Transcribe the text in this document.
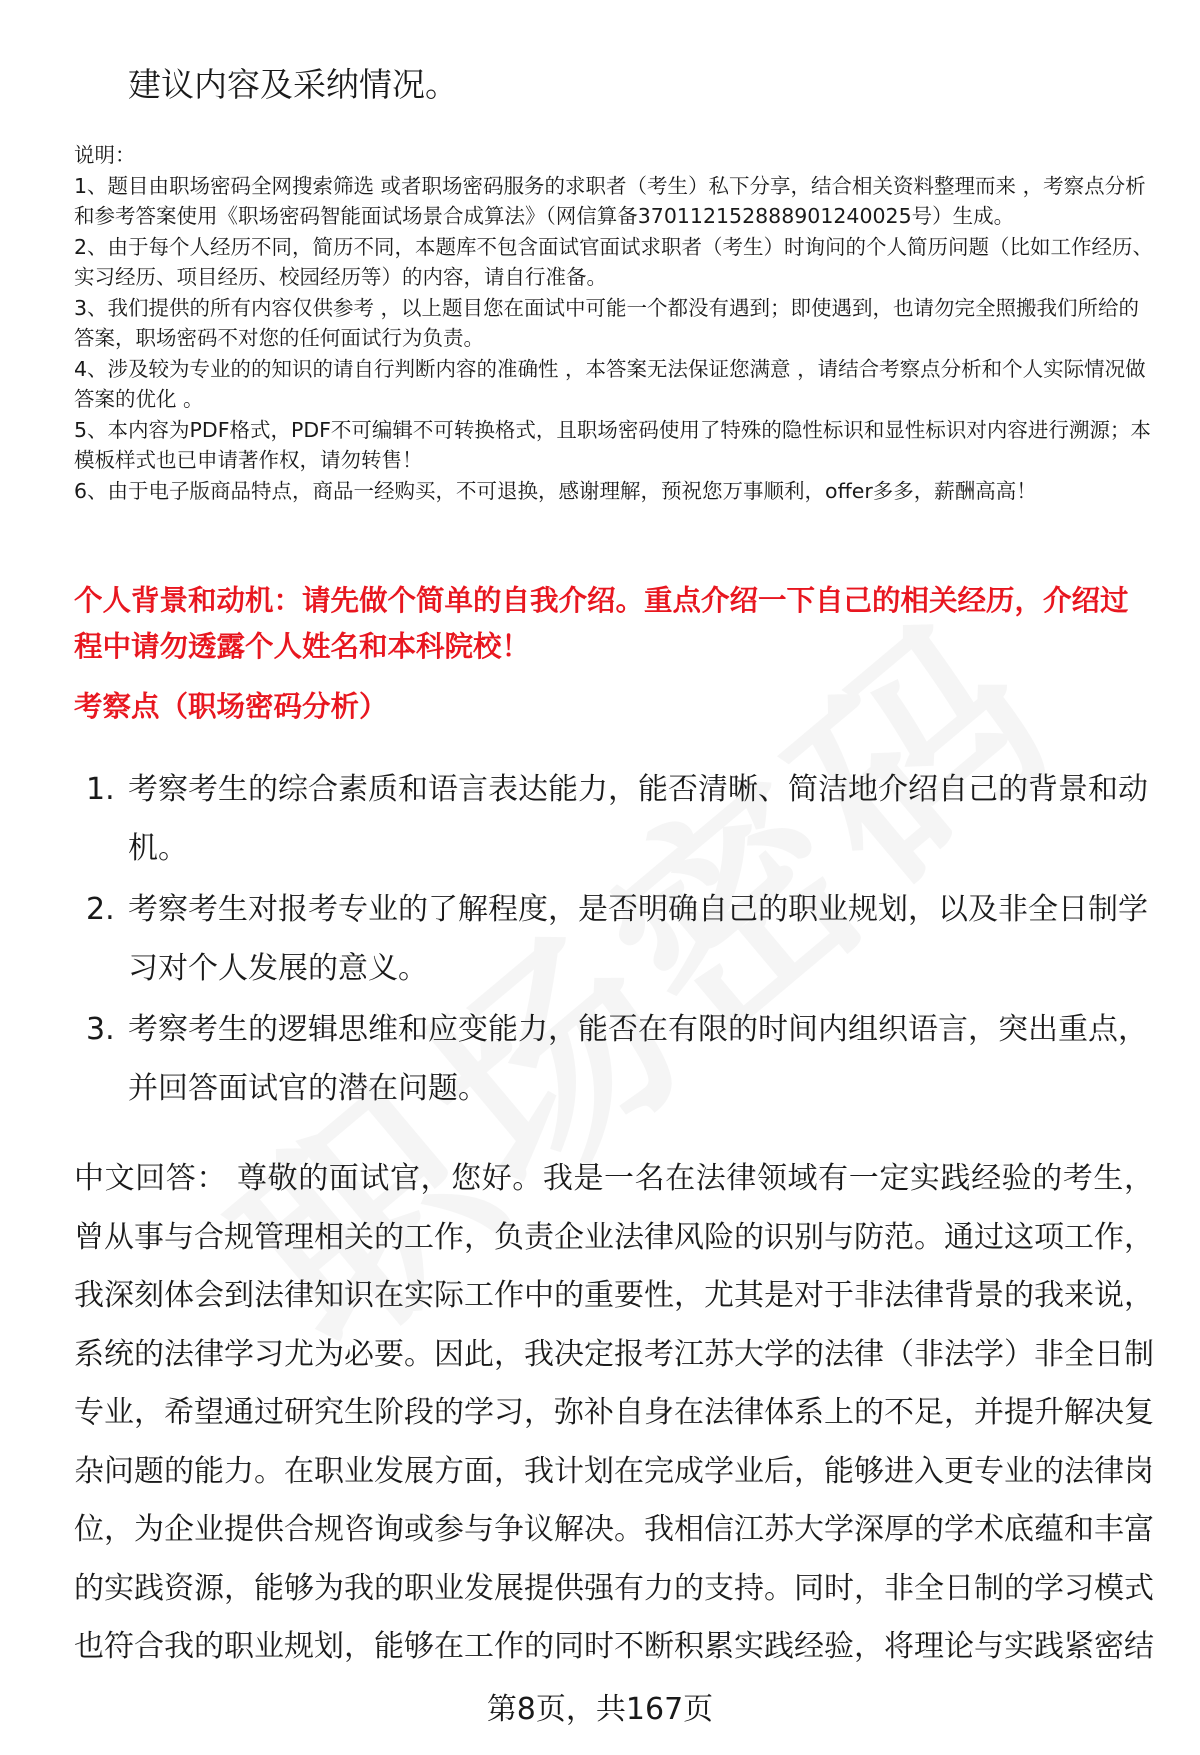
建议内容及采纳情况。

说明：

1、题目由职场密码全网搜索筛选 或者职场密码服务的求职者（考生）私下分享，结合相关资料整理而来 ，考察点分析和参考答案使用《职场密码智能面试场景合成算法》（网信算备370112152888901240025号）生成。

2、由于每个人经历不同，简历不同，本题库不包含面试官面试求职者（考生）时询问的个人简历问题（比如工作经历、实习经历、项目经历、校园经历等）的内容，请自行准备。

3、我们提供的所有内容仅供参考 ，以上题目您在面试中可能一个都没有遇到；即使遇到，也请勿完全照搬我们所给的答案，职场密码不对您的任何面试行为负责。

4、涉及较为专业的的知识的请自行判断内容的准确性 ，本答案无法保证您满意 ，请结合考察点分析和个人实际情况做答案的优化 。

5、本内容为PDF格式，PDF不可编辑不可转换格式，且职场密码使用了特殊的隐性标识和显性标识对内容进行溯源；本模板样式也已申请著作权，请勿转售！

6、由于电子版商品特点，商品一经购买，不可退换，感谢理解，预祝您万事顺利，offer多多，薪酬高高！

个人背景和动机：请先做个简单的自我介绍。重点介绍一下自己的相关经历，介绍过程中请勿透露个人姓名和本科院校！
考察点（职场密码分析）
1. 考察考生的综合素质和语言表达能力，能否清晰、简洁地介绍自己的背景和动机。
2. 考察考生对报考专业的了解程度，是否明确自己的职业规划，以及非全日制学习对个人发展的意义。
3. 考察考生的逻辑思维和应变能力，能否在有限的时间内组织语言，突出重点，并回答面试官的潜在问题。

中文回答： 尊敬的面试官，您好。我是一名在法律领域有一定实践经验的考生，曾从事与合规管理相关的工作，负责企业法律风险的识别与防范。通过这项工作，我深刻体会到法律知识在实际工作中的重要性，尤其是对于非法律背景的我来说，系统的法律学习尤为必要。因此，我决定报考江苏大学的法律（非法学）非全日制专业，希望通过研究生阶段的学习，弥补自身在法律体系上的不足，并提升解决复杂问题的能力。在职业发展方面，我计划在完成学业后，能够进入更专业的法律岗位，为企业提供合规咨询或参与争议解决。我相信江苏大学深厚的学术底蕴和丰富的实践资源，能够为我的职业发展提供强有力的支持。同时，非全日制的学习模式也符合我的职业规划，能够在工作的同时不断积累实践经验，将理论与实践紧密结

第8页，共167页
